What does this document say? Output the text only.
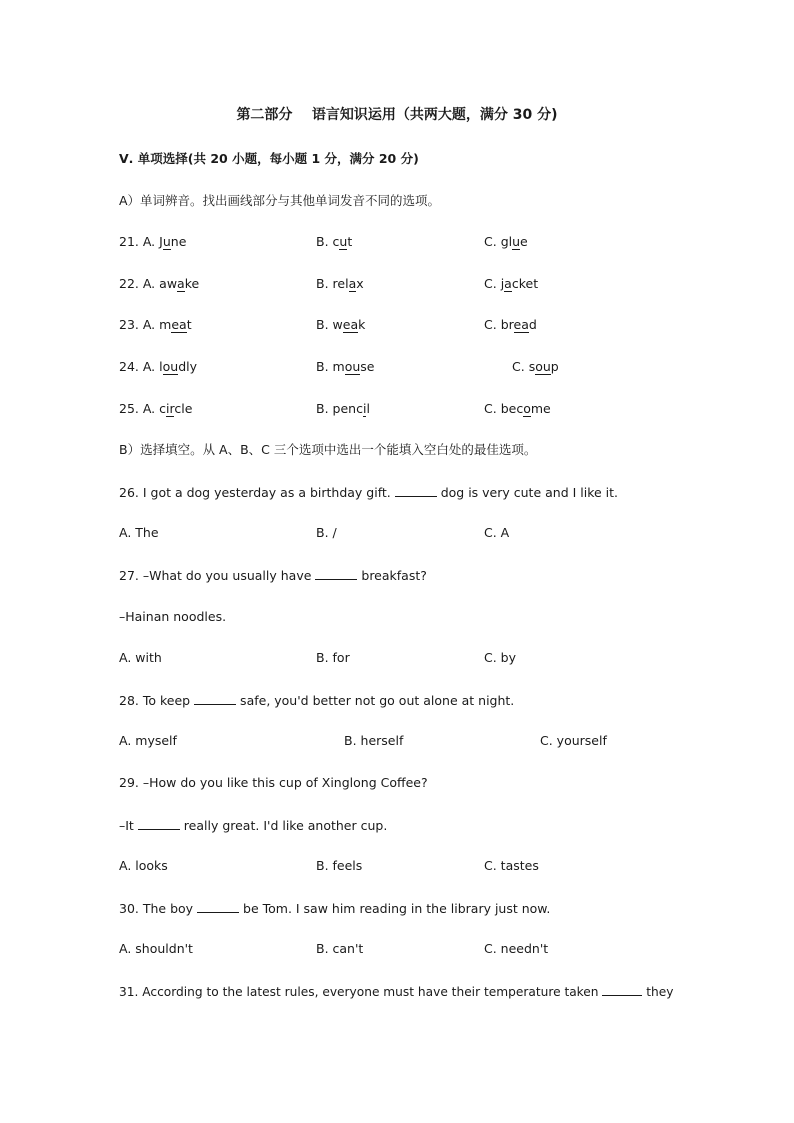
第二部分    语言知识运用（共两大题，满分 30 分)
Ⅴ. 单项选择(共 20 小题，每小题 1 分，满分 20 分)
A）单词辨音。找出画线部分与其他单词发音不同的选项。
21. A. June	B. cut	C. glue
22. A. awake	B. relax	C. jacket
23. A. meat	B. weak	C. bread
24. A. loudly	B. mouse	C. soup
25. A. circle	B. pencil	C. become
B）选择填空。从 A、B、C 三个选项中选出一个能填入空白处的最佳选项。
26. I got a dog yesterday as a birthday gift.	dog is very cute and I like it.
A. The	B. /	C. A
27. –What do you usually have	breakfast?
–Hainan noodles.
A. with	B. for	C. by
28. To keep	safe, you'd better not go out alone at night.
A. myself	B. herself	C. yourself
29. –How do you like this cup of Xinglong Coffee?
–It	really great. I'd like another cup.
A. looks	B. feels	C. tastes
30. The boy	be Tom. I saw him reading in the library just now.
A. shouldn't	B. can't	C. needn't
31. According to the latest rules, everyone must have their temperature taken	they
